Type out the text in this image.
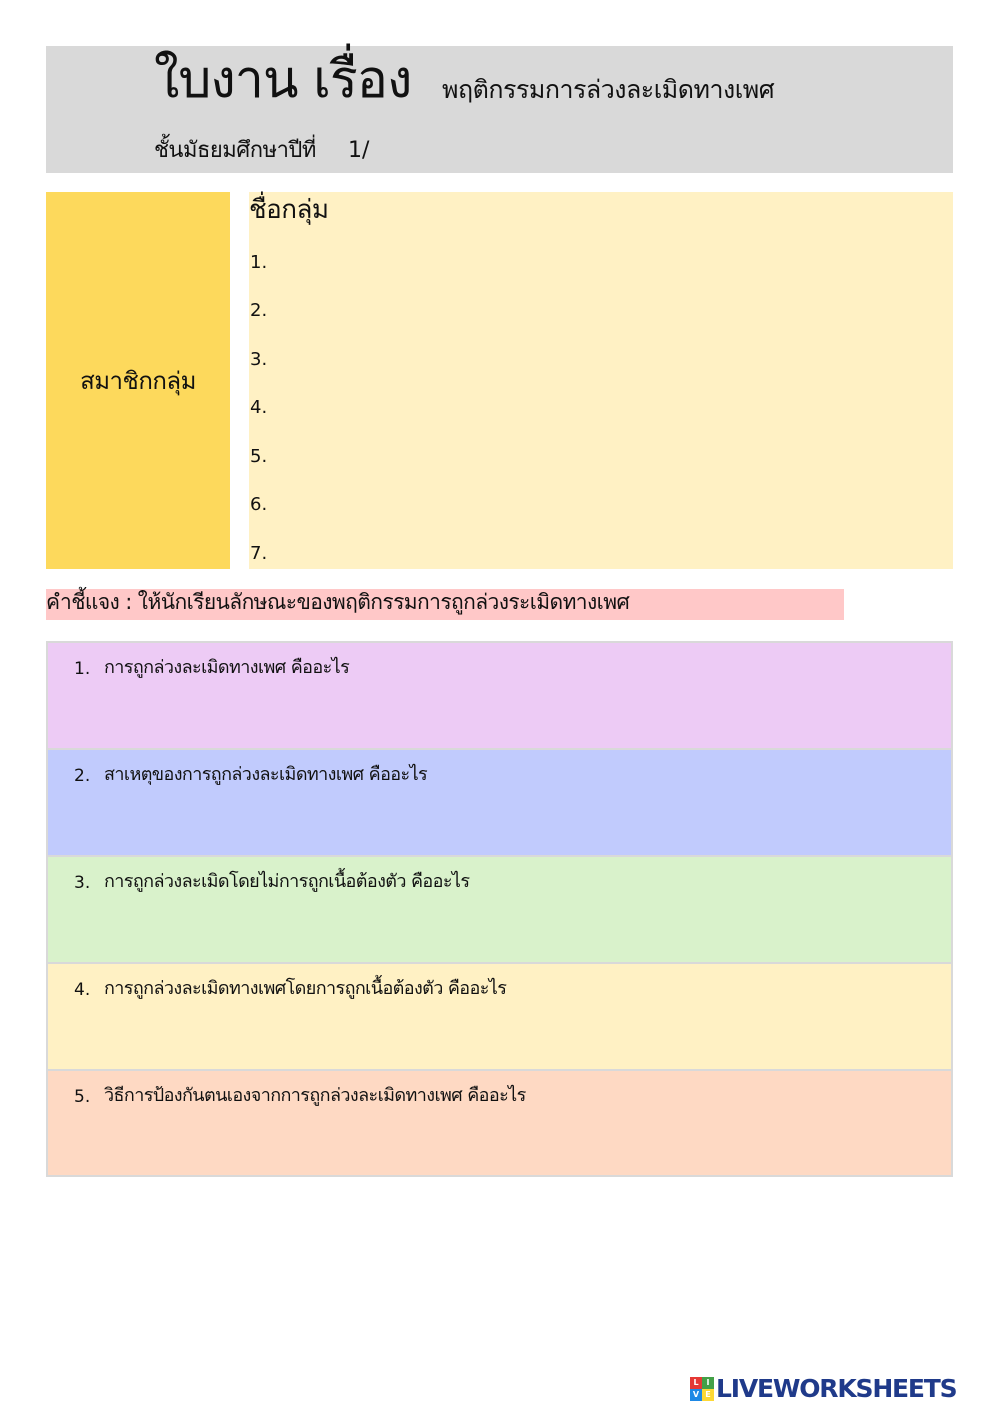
ใบงาน เรื่อง พฤติกรรมการล่วงละเมิดทางเพศ
ชั้นมัธยมศึกษาปีที่ 1/
สมาชิกกลุ่ม
ชื่อกลุ่ม
1.
2.
3.
4.
5.
6.
7.
คำชี้แจง : ให้นักเรียนลักษณะของพฤติกรรมการถูกล่วงระเมิดทางเพศ
1. การถูกล่วงละเมิดทางเพศ คืออะไร
2. สาเหตุของการถูกล่วงละเมิดทางเพศ คืออะไร
3. การถูกล่วงละเมิดโดยไม่การถูกเนื้อต้องตัว คืออะไร
4. การถูกล่วงละเมิดทางเพศโดยการถูกเนื้อต้องตัว คืออะไร
5. วิธีการป้องกันตนเองจากการถูกล่วงละเมิดทางเพศ คืออะไร
L I
V E LIVEWORKSHEETS
